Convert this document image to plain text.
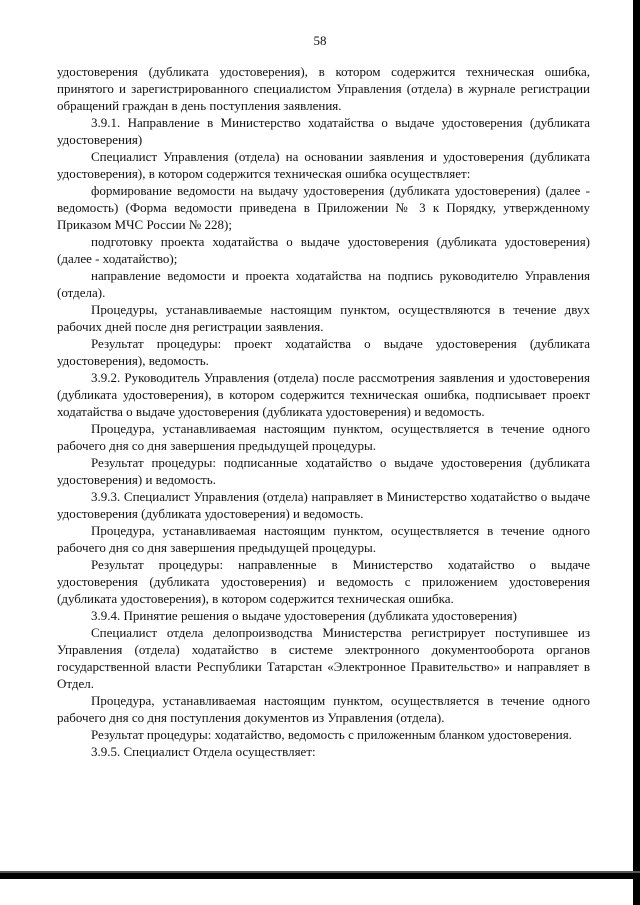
58

удостоверения (дубликата удостоверения), в котором содержится техническая ошибка, принятого и зарегистрированного специалистом Управления (отдела) в журнале регистрации обращений граждан в день поступления заявления.

3.9.1. Направление в Министерство ходатайства о выдаче удостоверения (дубликата удостоверения)

Специалист Управления (отдела) на основании заявления и удостоверения (дубликата удостоверения), в котором содержится техническая ошибка осуществляет:

формирование ведомости на выдачу удостоверения (дубликата удостоверения) (далее - ведомость) (Форма ведомости приведена в Приложении № 3 к Порядку, утвержденному Приказом МЧС России № 228);

подготовку проекта ходатайства о выдаче удостоверения (дубликата удостоверения) (далее - ходатайство);

направление ведомости и проекта ходатайства на подпись руководителю Управления (отдела).

Процедуры, устанавливаемые настоящим пунктом, осуществляются в течение двух рабочих дней после дня регистрации заявления.

Результат процедуры: проект ходатайства о выдаче удостоверения (дубликата удостоверения), ведомость.

3.9.2. Руководитель Управления (отдела) после рассмотрения заявления и удостоверения (дубликата удостоверения), в котором содержится техническая ошибка, подписывает проект ходатайства о выдаче удостоверения (дубликата удостоверения) и ведомость.

Процедура, устанавливаемая настоящим пунктом, осуществляется в течение одного рабочего дня со дня завершения предыдущей процедуры.

Результат процедуры: подписанные ходатайство о выдаче удостоверения (дубликата удостоверения) и ведомость.

3.9.3. Специалист Управления (отдела) направляет в Министерство ходатайство о выдаче удостоверения (дубликата удостоверения) и ведомость.

Процедура, устанавливаемая настоящим пунктом, осуществляется в течение одного рабочего дня со дня завершения предыдущей процедуры.

Результат процедуры: направленные в Министерство ходатайство о выдаче удостоверения (дубликата удостоверения) и ведомость с приложением удостоверения (дубликата удостоверения), в котором содержится техническая ошибка.

3.9.4. Принятие решения о выдаче удостоверения (дубликата удостоверения)

Специалист отдела делопроизводства Министерства регистрирует поступившее из Управления (отдела) ходатайство в системе электронного документооборота органов государственной власти Республики Татарстан «Электронное Правительство» и направляет в Отдел.

Процедура, устанавливаемая настоящим пунктом, осуществляется в течение одного рабочего дня со дня поступления документов из Управления (отдела).

Результат процедуры: ходатайство, ведомость с приложенным бланком удостоверения.

3.9.5. Специалист Отдела осуществляет:
